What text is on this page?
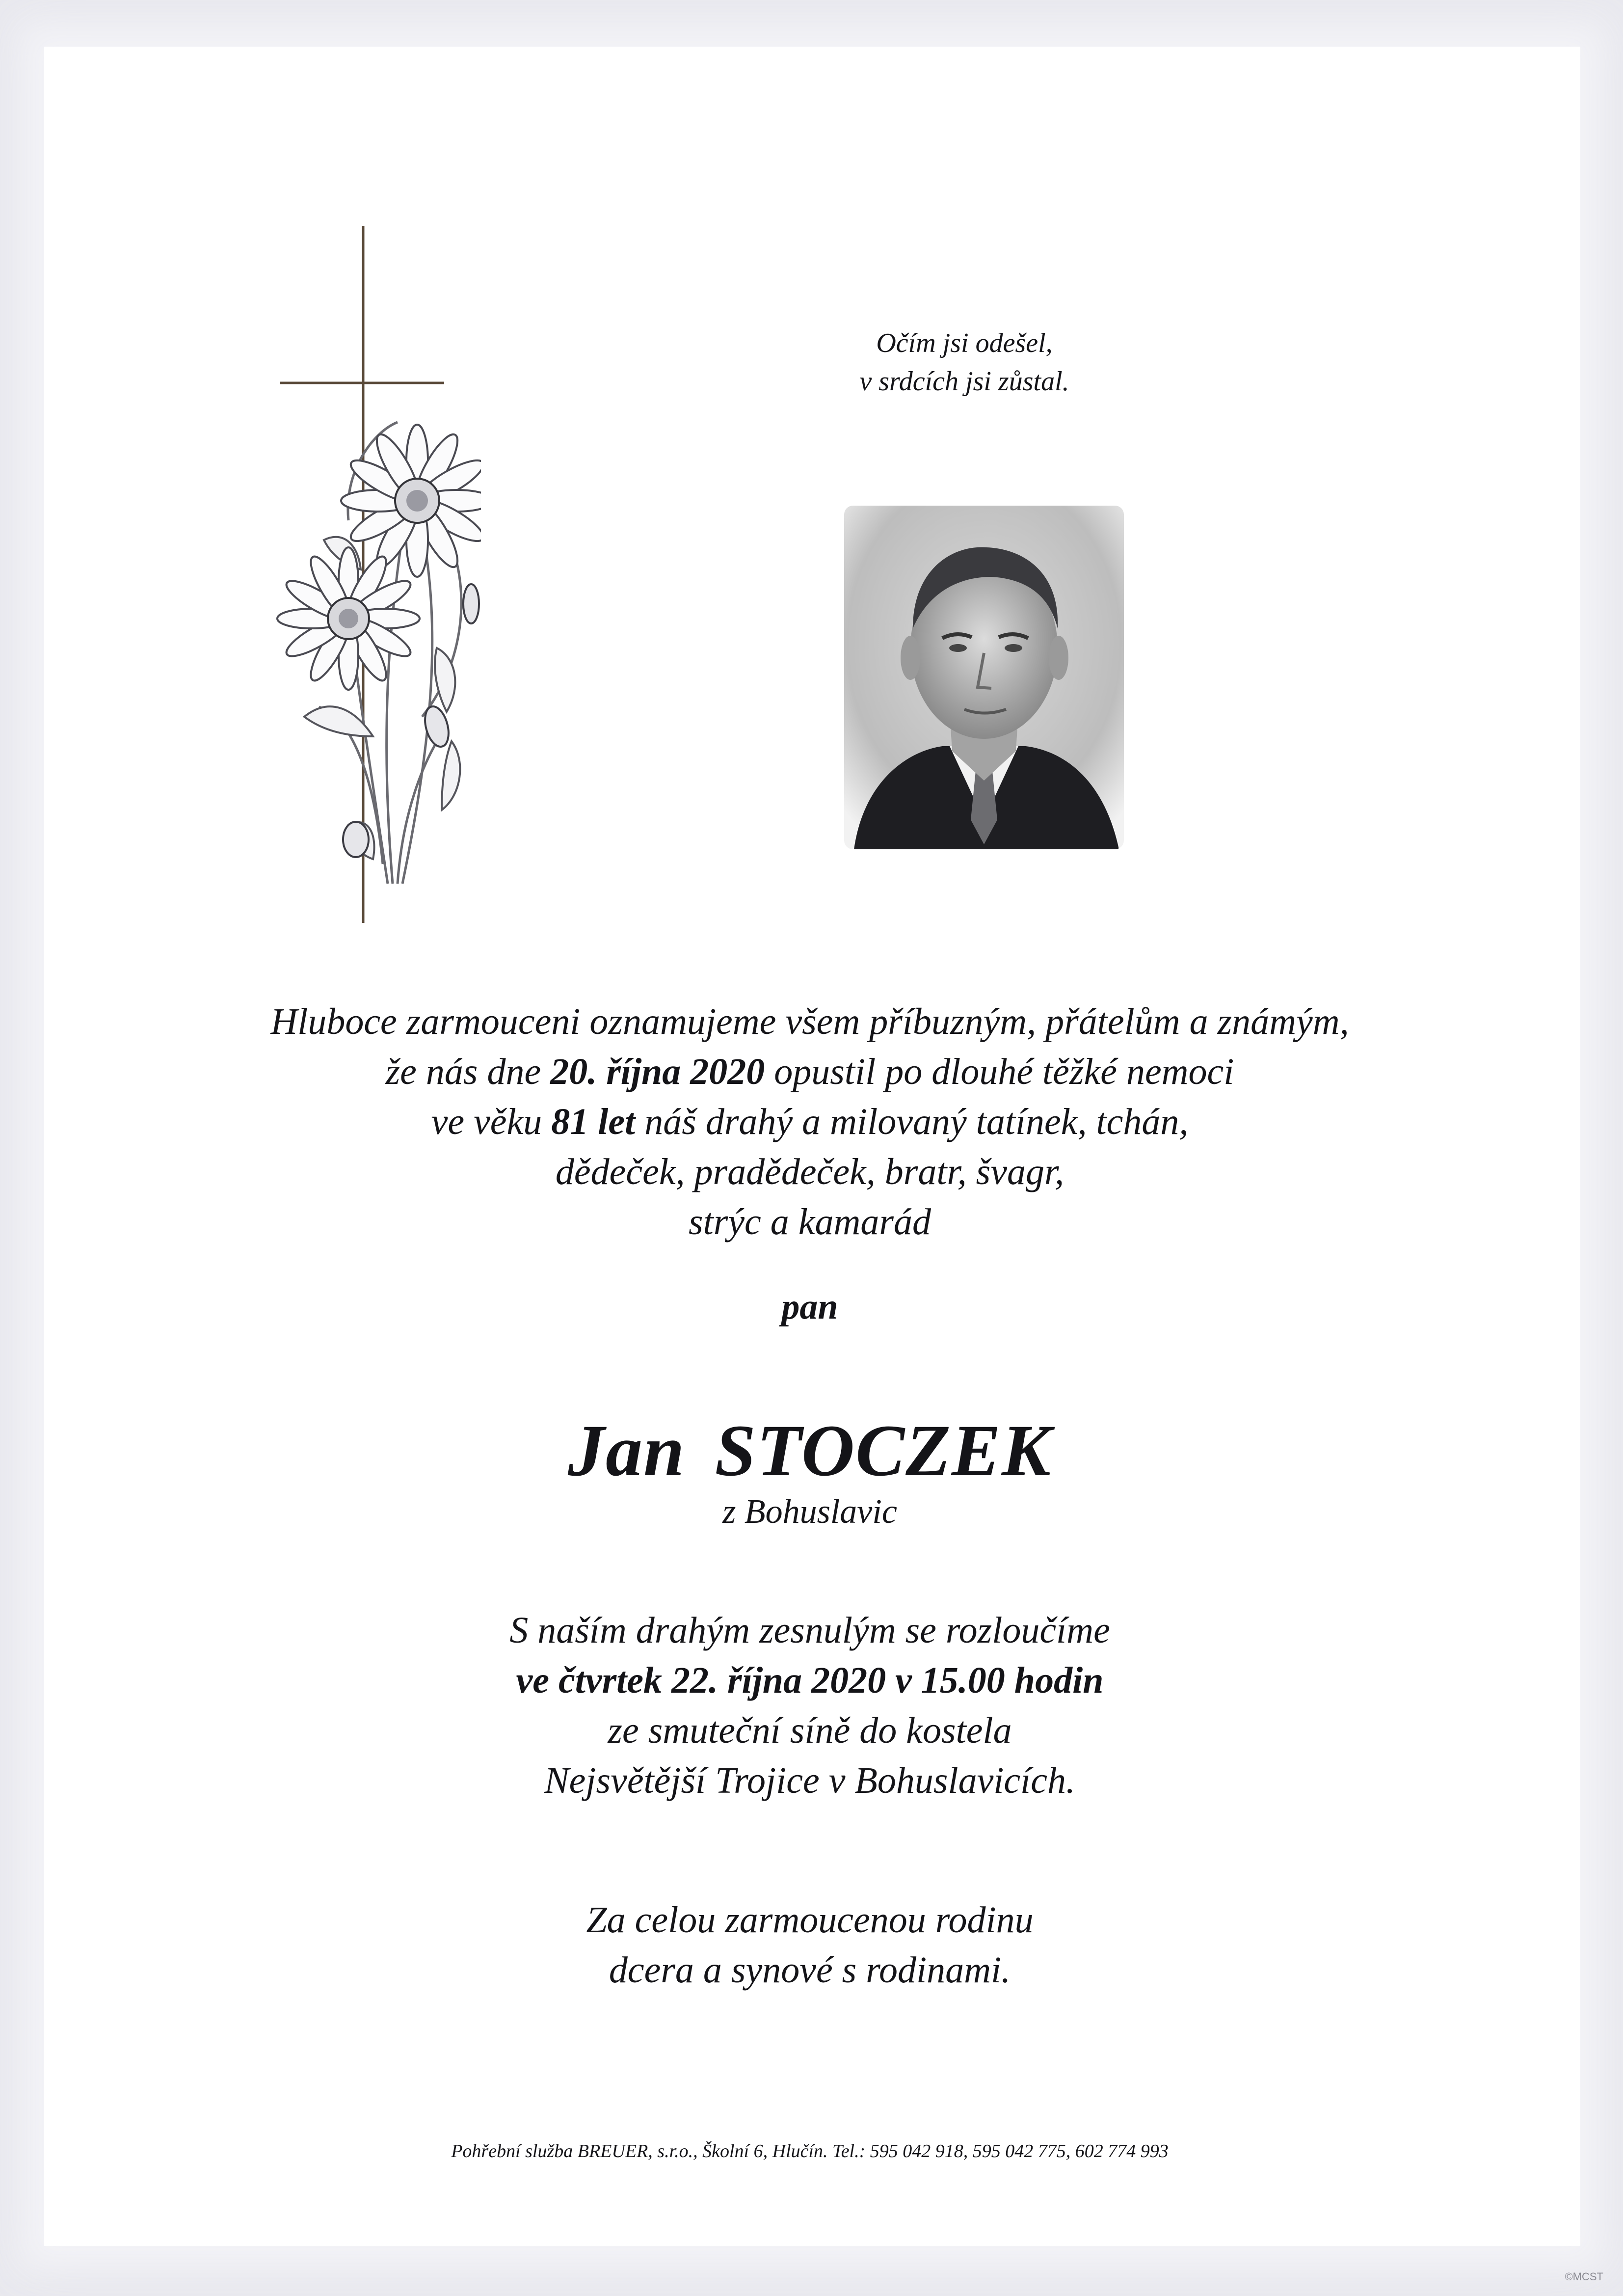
Očím jsi odešel,
v srdcích jsi zůstal.
Hluboce zarmouceni oznamujeme všem příbuzným, přátelům a známým,
že nás dne 20. října 2020 opustil po dlouhé těžké nemoci
ve věku 81 let náš drahý a milovaný tatínek, tchán,
dědeček, pradědeček, bratr, švagr,
strýc a kamarád
pan
Jan STOCZEK
z Bohuslavic
S naším drahým zesnulým se rozloučíme
ve čtvrtek 22. října 2020 v 15.00 hodin
ze smuteční síně do kostela
Nejsvětější Trojice v Bohuslavicích.
Za celou zarmoucenou rodinu
dcera a synové s rodinami.
Pohřební služba BREUER, s.r.o., Školní 6, Hlučín. Tel.: 595 042 918, 595 042 775, 602 774 993
©MCST
